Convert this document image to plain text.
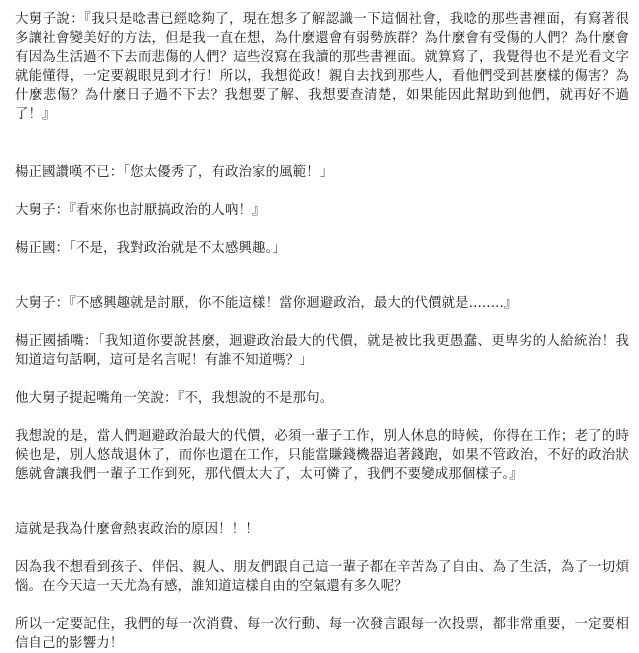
大舅子說：『我只是唸書已經唸夠了，現在想多了解認識一下這個社會，我唸的那些書裡面，有寫著很多讓社會變美好的方法，但是我一直在想，為什麼還會有弱勢族群？為什麼會有受傷的人們？為什麼會有因為生活過不下去而悲傷的人們？這些沒寫在我讀的那些書裡面。就算寫了，我覺得也不是光看文字就能懂得，一定要親眼見到才行！所以，我想從政！親自去找到那些人，看他們受到甚麼樣的傷害？為什麼悲傷？為什麼日子過不下去？我想要了解、我想要查清楚，如果能因此幫助到他們，就再好不過了！』

楊正國讚嘆不已：「您太優秀了，有政治家的風範！」

大舅子：『看來你也討厭搞政治的人吶！』

楊正國：「不是，我對政治就是不太感興趣。」

大舅子：『不感興趣就是討厭，你不能這樣！當你迴避政治，最大的代價就是........』

楊正國插嘴：「我知道你要說甚麼，迴避政治最大的代價，就是被比我更愚蠢、更卑劣的人給統治！我知道這句話啊，這可是名言呢！有誰不知道嗎？」

他大舅子提起嘴角一笑說：『不，我想說的不是那句。

我想說的是，當人們迴避政治最大的代價，必須一輩子工作，別人休息的時候，你得在工作；老了的時候也是，別人悠哉退休了，而你也還在工作，只能當賺錢機器追著錢跑，如果不管政治，不好的政治狀態就會讓我們一輩子工作到死，那代價太大了，太可憐了，我們不要變成那個樣子。』

這就是我為什麼會熱衷政治的原因！！！

因為我不想看到孩子、伴侶、親人、朋友們跟自己這一輩子都在辛苦為了自由、為了生活，為了一切煩惱。在今天這一天尤為有感，誰知道這樣自由的空氣還有多久呢？

所以一定要記住，我們的每一次消費、每一次行動、每一次發言跟每一次投票，都非常重要，一定要相信自己的影響力！
